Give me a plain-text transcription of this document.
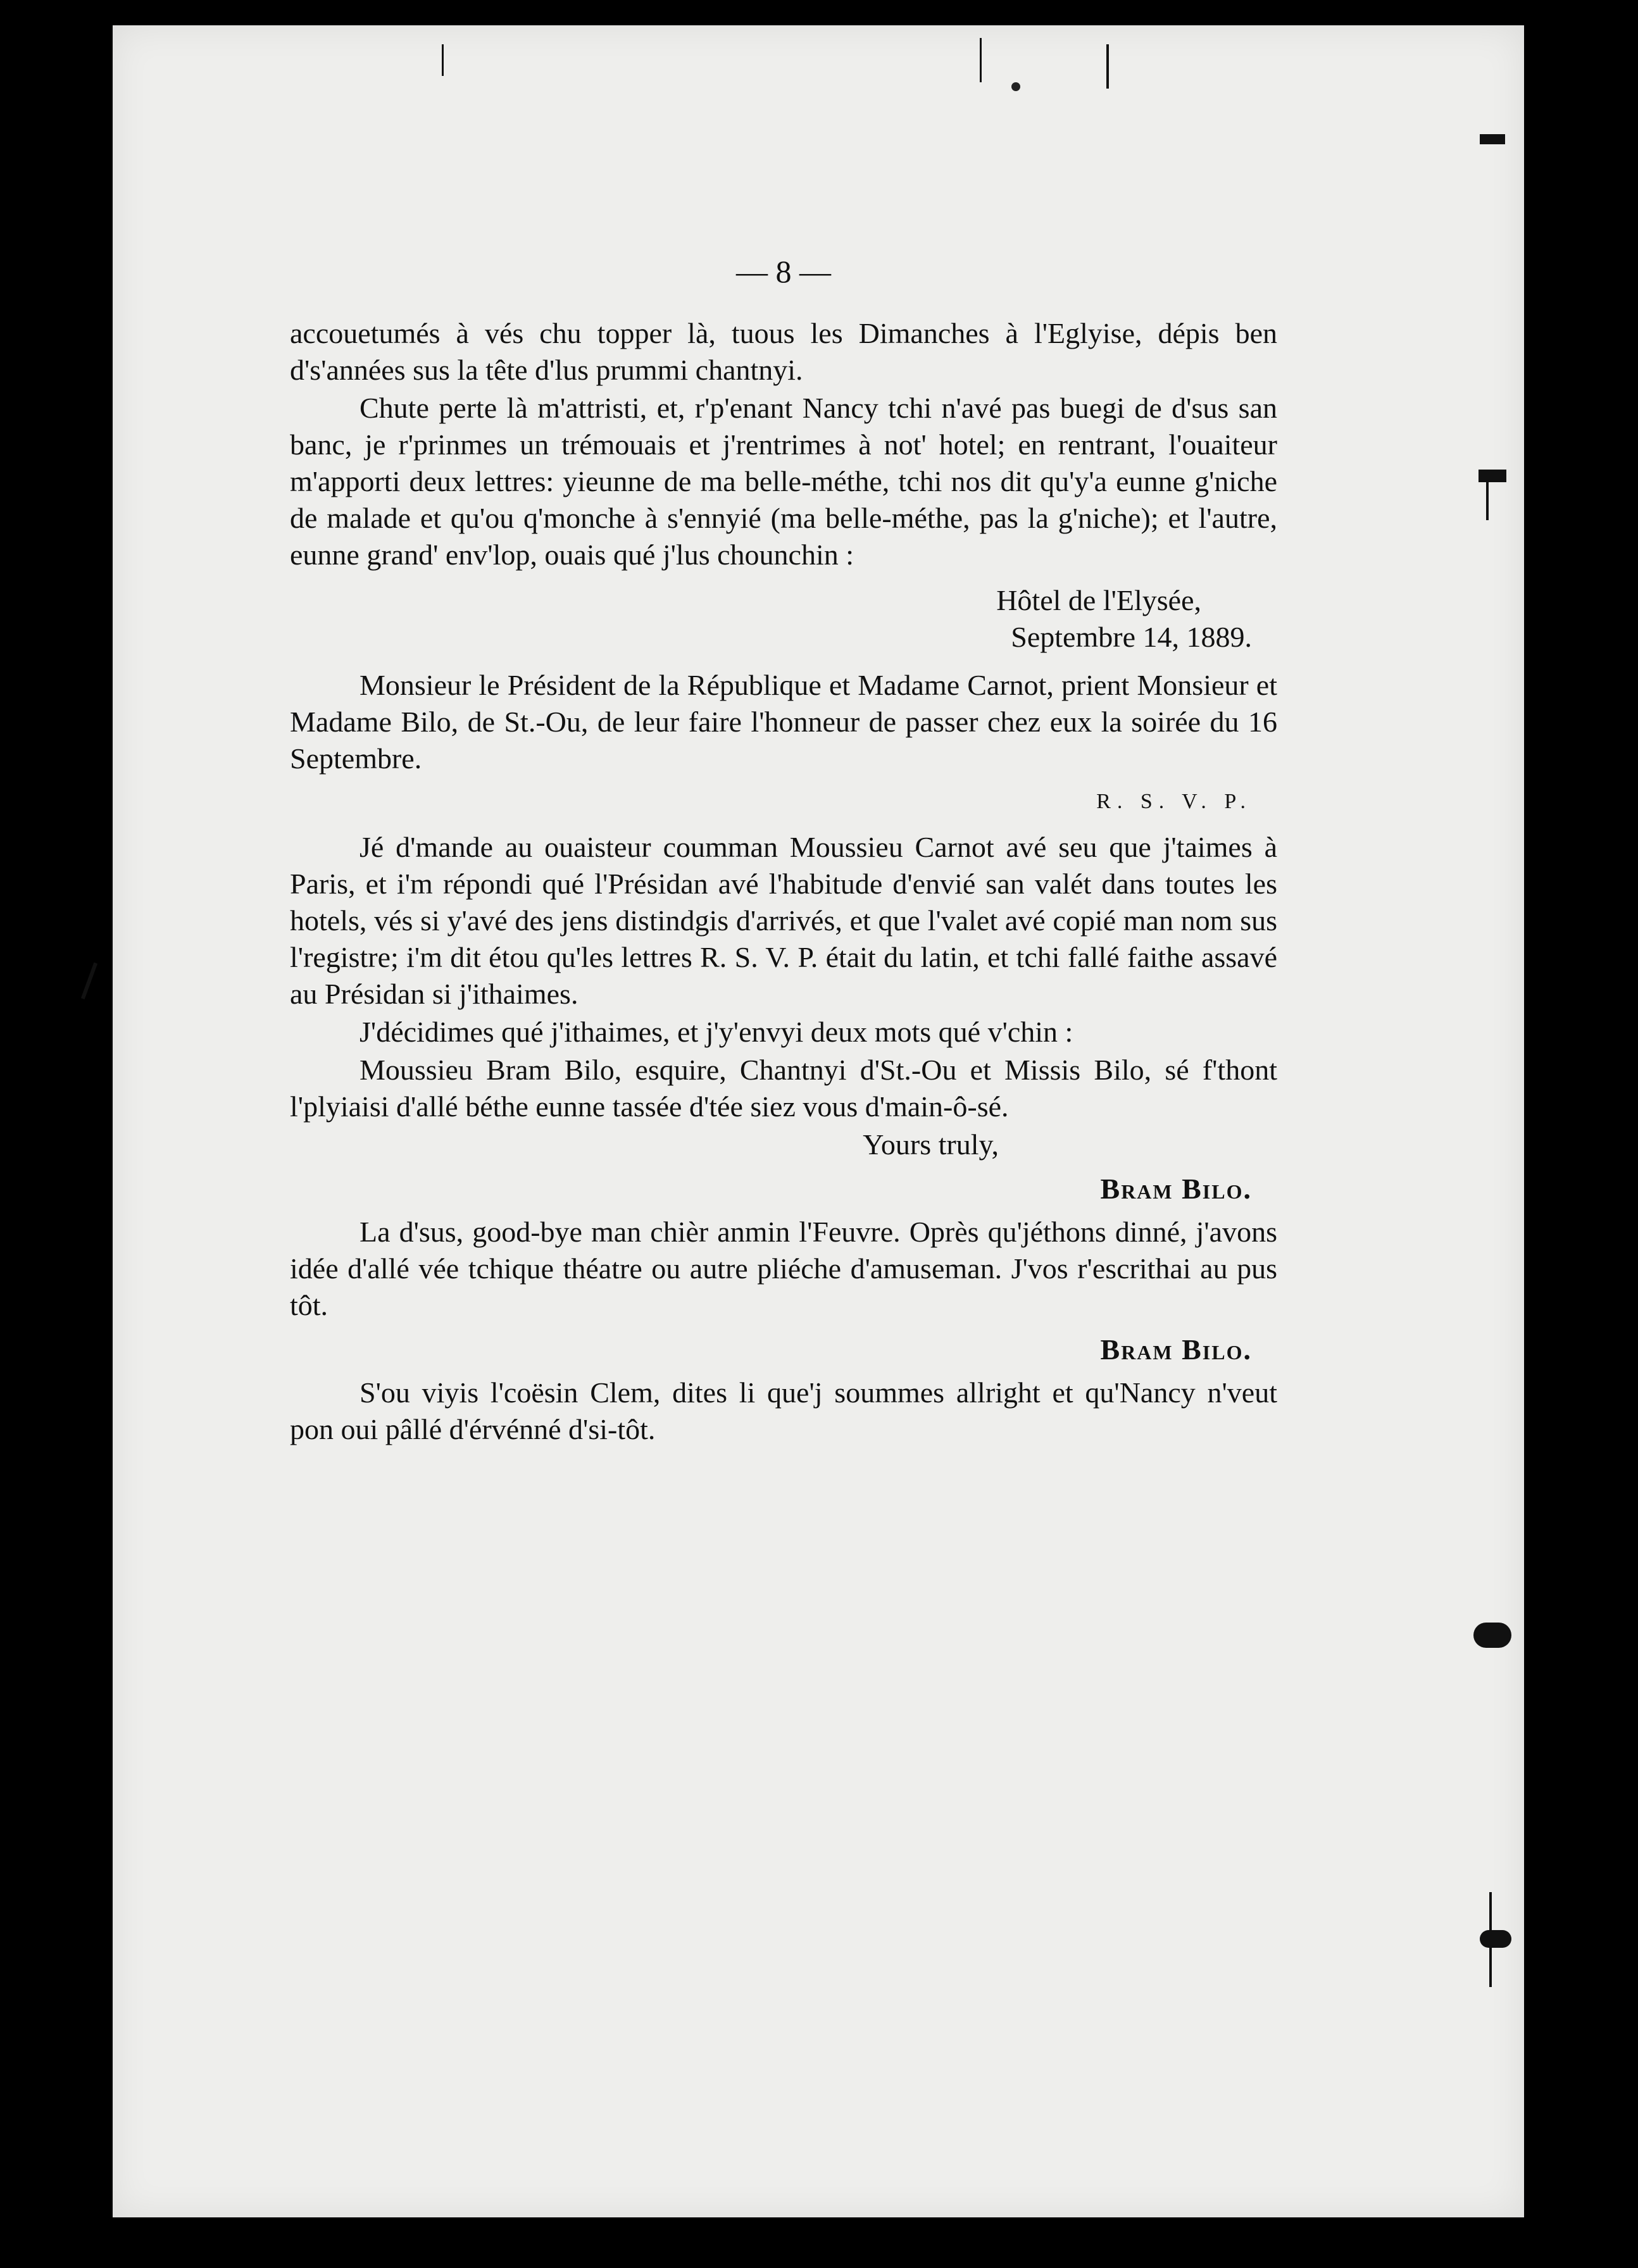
— 8 —

accouetumés à vés chu topper là, tuous les Dimanches à l'Eglyise, dépis ben d's'années sus la tête d'lus prummi chantnyi.

Chute perte là m'attristi, et, r'p'enant Nancy tchi n'avé pas buegi de d'sus san banc, je r'prinmes un trémouais et j'rentrimes à not' hotel; en rentrant, l'ouaiteur m'apporti deux lettres: yieunne de ma belle-méthe, tchi nos dit qu'y'a eunne g'niche de malade et qu'ou q'monche à s'ennyié (ma belle-méthe, pas la g'niche); et l'autre, eunne grand' env'lop, ouais qué j'lus chounchin :

Hôtel de l'Elysée,
Septembre 14, 1889.

Monsieur le Président de la République et Madame Carnot, prient Monsieur et Madame Bilo, de St.-Ou, de leur faire l'honneur de passer chez eux la soirée du 16 Septembre.

R. S. V. P.

Jé d'mande au ouaisteur coumman Moussieu Carnot avé seu que j'taimes à Paris, et i'm répondi qué l'Présidan avé l'habitude d'envié san valét dans toutes les hotels, vés si y'avé des jens distindgis d'arrivés, et que l'valet avé copié man nom sus l'registre; i'm dit étou qu'les lettres R. S. V. P. était du latin, et tchi fallé faithe assavé au Présidan si j'ithaimes.

J'décidimes qué j'ithaimes, et j'y'envyi deux mots qué v'chin :

Moussieu Bram Bilo, esquire, Chantnyi d'St.-Ou et Missis Bilo, sé f'thont l'plyiaisi d'allé béthe eunne tassée d'tée siez vous d'main-ô-sé.

Yours truly,
Bram Bilo.

La d'sus, good-bye man chièr anmin l'Feuvre. Oprès qu'jéthons dinné, j'avons idée d'allé vée tchique théatre ou autre pliéche d'amuseman. J'vos r'escrithai au pus tôt.

Bram Bilo.

S'ou viyis l'coësin Clem, dites li que'j soummes allright et qu'Nancy n'veut pon oui pâllé d'érvénné d'si-tôt.
